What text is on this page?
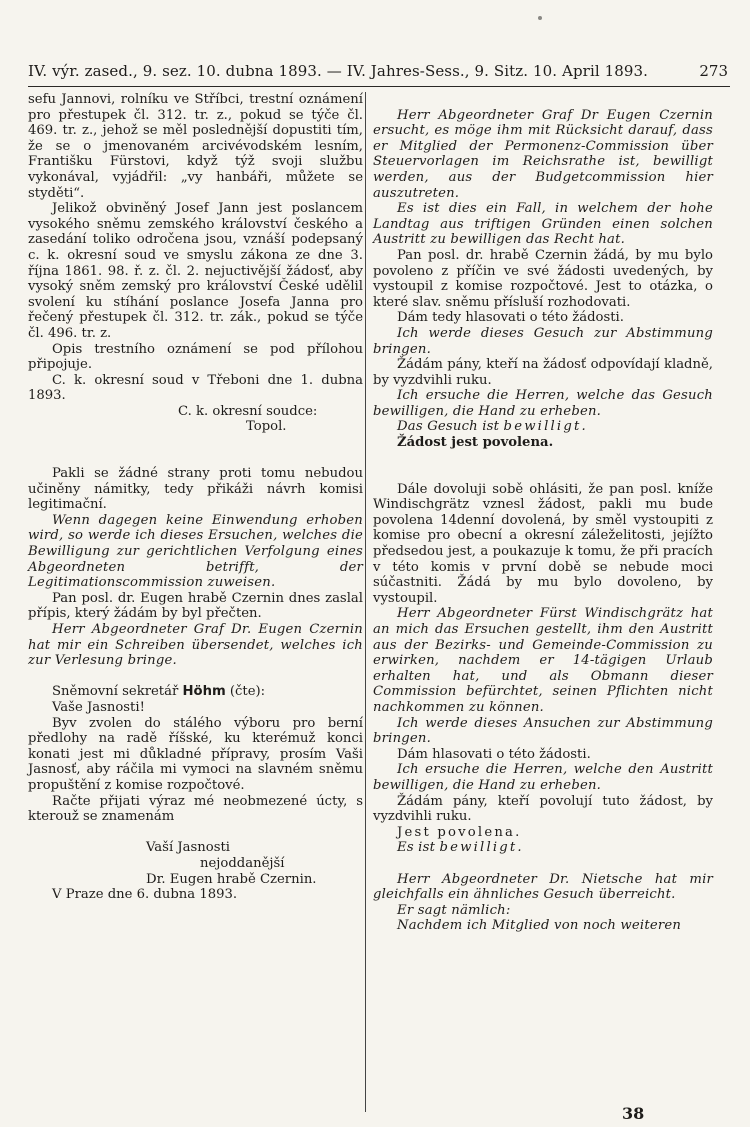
IV. výr. zased., 9. sez. 10. dubna 1893. — IV. Jahres-Sess., 9. Sitz. 10. April 1893.	273

sefu Jannovi, rolníku ve Stříbci, trestní oznámení pro přestupek čl. 312. tr. z., pokud se týče čl. 469. tr. z., jehož se měl poslednější dopustiti tím, že se o jmenovaném arcivévodském lesním, Františku Fürstovi, když týž svoji službu vykonával, vyjádřil: „vy hanbáři, můžete se styděti“.

Jelikož obviněný Josef Jann jest poslancem vysokého sněmu zemského království českého a zasedání toliko odročena jsou, vznáší podepsaný c. k. okresní soud ve smyslu zákona ze dne 3. října 1861. 98. ř. z. čl. 2. nejuctivější žádosť, aby vysoký sněm zemský pro království České udělil svolení ku stíhání poslance Josefa Janna pro řečený přestupek čl. 312. tr. zák., pokud se týče čl. 496. tr. z.

Opis trestního oznámení se pod přílohou připojuje.

C. k. okresní soud v Třeboni dne 1. dubna 1893.

C. k. okresní soudce:

Topol.

Pakli se žádné strany proti tomu nebudou učiněny námitky, tedy přikáži návrh komisi legitimační.

Wenn dagegen keine Einwendung erhoben wird, so werde ich dieses Ersuchen, welches die Bewilligung zur gerichtlichen Verfolgung eines Abgeordneten betrifft, der Legitimationscommission zuweisen.

Pan posl. dr. Eugen hrabě Czernin dnes zaslal přípis, který žádám by byl přečten.

Herr Abgeordneter Graf Dr. Eugen Czernin hat mir ein Schreiben übersendet, welches ich zur Verlesung bringe.

Sněmovní sekretář Höhm (čte):

Vaše Jasnosti!

Byv zvolen do stálého výboru pro berní předlohy na radě říšské, ku kterémuž konci konati jest mi důkladné přípravy, prosím Vaši Jasnosť, aby ráčila mi vymoci na slavném sněmu propuštění z komise rozpočtové.

Račte přijati výraz mé neobmezené úcty, s kterouž se znamenám

Vaší Jasnosti

nejoddanější

Dr. Eugen hrabě Czernin.

V Praze dne 6. dubna 1893.

Herr Abgeordneter Graf Dr Eugen Czernin ersucht, es möge ihm mit Rücksicht darauf, dass er Mitglied der Permonenz-Commission über Steuervorlagen im Reichsrathe ist, bewilligt werden, aus der Budgetcommission hier auszutreten.

Es ist dies ein Fall, in welchem der hohe Landtag aus triftigen Gründen einen solchen Austritt zu bewilligen das Recht hat.

Pan posl. dr. hrabě Czernin žádá, by mu bylo povoleno z příčin ve své žádosti uvedených, by vystoupil z komise rozpočtové. Jest to otázka, o které slav. sněmu přísluší rozhodovati.

Dám tedy hlasovati o této žádosti.

Ich werde dieses Gesuch zur Abstimmung bringen.

Žádám pány, kteří na žádosť odpovídají kladně, by vyzdvihli ruku.

Ich ersuche die Herren, welche das Gesuch bewilligen, die Hand zu erheben.

Das Gesuch ist bewilligt.

Žádost jest povolena.

Dále dovoluji sobě ohlásiti, že pan posl. kníže Windischgrätz vznesl žádost, pakli mu bude povolena 14denní dovolená, by směl vystoupiti z komise pro obecní a okresní záleželitosti, jejížto předsedou jest, a poukazuje k tomu, že při pracích v této komis v první době se nebude moci súčastniti. Žádá by mu bylo dovoleno, by vystoupil.

Herr Abgeordneter Fürst Windischgrätz hat an mich das Ersuchen gestellt, ihm den Austritt aus der Bezirks- und Gemeinde-Commission zu erwirken, nachdem er 14-tägigen Urlaub erhalten hat, und als Obmann dieser Commission befürchtet, seinen Pflichten nicht nachkommen zu können.

Ich werde dieses Ansuchen zur Abstimmung bringen.

Dám hlasovati o této žádosti.

Ich ersuche die Herren, welche den Austritt bewilligen, die Hand zu erheben.

Žádám pány, kteří povolují tuto žádost, by vyzdvihli ruku.

Jest povolena.

Es ist bewilligt.

Herr Abgeordneter Dr. Nietsche hat mir gleichfalls ein ähnliches Gesuch überreicht.

Er sagt nämlich:

Nachdem ich Mitglied von noch weiteren

38
